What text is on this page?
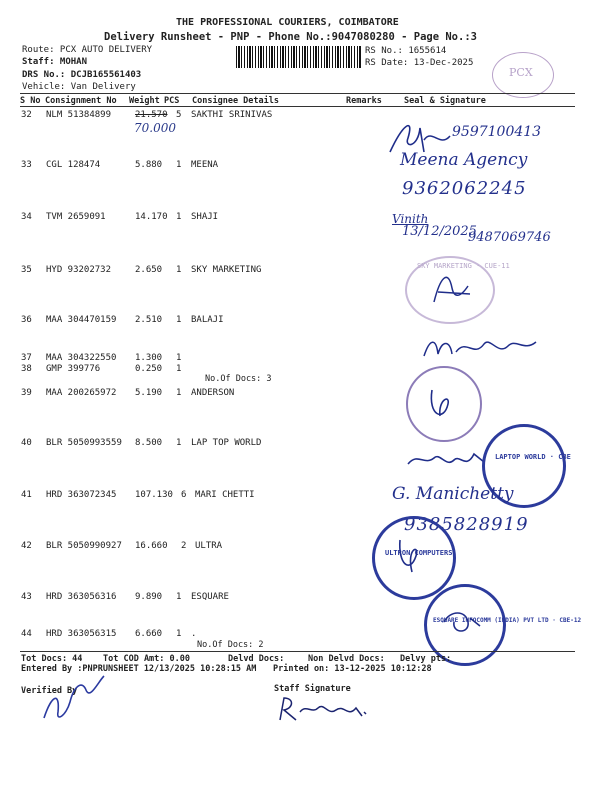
THE PROFESSIONAL COURIERS, COIMBATORE
Delivery Runsheet - PNP - Phone No.:9047080280 - Page No.:3
Route: PCX AUTO DELIVERY
Staff: MOHAN
DRS No.: DCJB165561403
Vehicle: Van Delivery
RS No.: 1655614
RS Date: 13-Dec-2025
PCX
S No Consignment No Weight PCS Consignee Details	Remarks	Seal & Signature
32 NLM 51384899	21.570 5 SAKTHI SRINIVAS
70.000
33 CGL 128474	5.880 1 MEENA
34 TVM 2659091	14.170 1 SHAJI
35 HYD 93202732	2.650 1 SKY MARKETING
36 MAA 304470159 2.510 1 BALAJI
37 MAA 304322550 1.300 1
38 GMP 399776	0.250 1
No.Of Docs: 3
39 MAA 200265972 5.190 1 ANDERSON
40 BLR 5050993559 8.500 1 LAP TOP WORLD
41 HRD 363072345 107.130 6 MARI CHETTI
42 BLR 5050990927 16.660 2 ULTRA
43 HRD 363056316 9.890 1 ESQUARE
44 HRD 363056315 6.660 1 .
No.Of Docs: 2
9597100413
Meena Agency
9362062245
Vinith
13/12/2025
9487069746
SKY MARKETING · CUE-11
LAPTOP WORLD · CBE
G. Manichetty
9385828919
ULTRON COMPUTERS
ESQUARE INFOCOMM (INDIA) PVT LTD · CBE-12
Tot Docs: 44 Tot COD Amt: 0.00	Delvd Docs:	Non Delvd Docs: Delvy pts:
Entered By :PNPRUNSHEET 12/13/2025 10:28:15 AM Printed on: 13-12-2025 10:12:28
Verified By	Staff Signature
